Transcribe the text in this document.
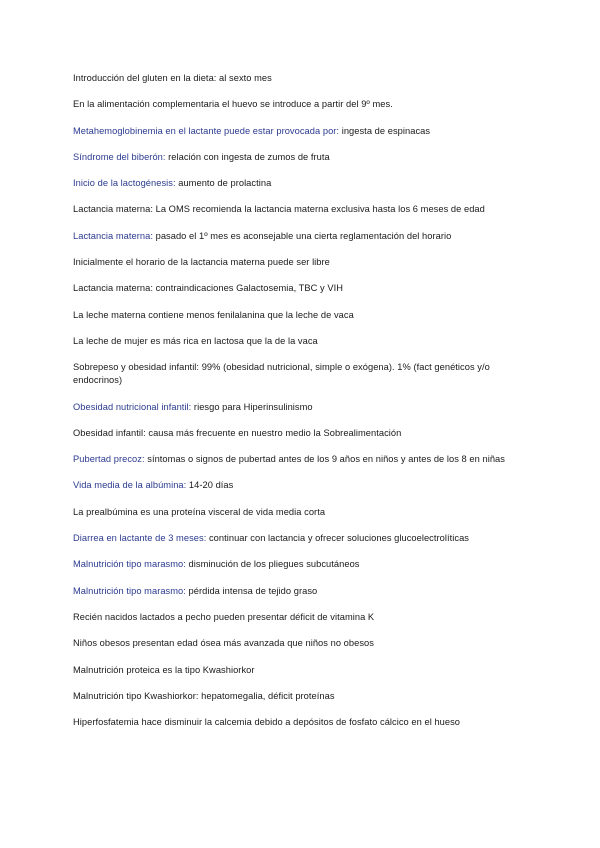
Introducción del gluten en la dieta: al sexto mes
En la alimentación complementaria el huevo se introduce a partir del 9º mes.
Metahemoglobinemia en el lactante puede estar provocada por: ingesta de espinacas
Síndrome del biberón: relación con ingesta de zumos de fruta
Inicio de la lactogénesis: aumento de prolactina
Lactancia materna: La OMS recomienda la lactancia materna exclusiva hasta los 6 meses de edad
Lactancia materna: pasado el 1º mes es aconsejable una cierta reglamentación del horario
Inicialmente el horario de la lactancia materna puede ser libre
Lactancia materna: contraindicaciones Galactosemia, TBC y VIH
La leche materna contiene menos fenilalanina que la leche de vaca
La leche de mujer es más rica en lactosa que la de la vaca
Sobrepeso y obesidad infantil: 99% (obesidad nutricional, simple o exógena). 1% (fact genéticos y/o endocrinos)
Obesidad nutricional infantil: riesgo para Hiperinsulinismo
Obesidad infantil: causa más frecuente en nuestro medio la Sobrealimentación
Pubertad precoz: síntomas o signos de pubertad antes de los 9 años en niños y antes de los 8 en niñas
Vida media de la albúmina: 14-20 días
La prealbúmina es una proteína visceral de vida media corta
Diarrea en lactante de 3 meses: continuar con lactancia y ofrecer soluciones glucoelectrolíticas
Malnutrición tipo marasmo: disminución de los pliegues subcutáneos
Malnutrición tipo marasmo: pérdida intensa de tejido graso
Recién nacidos lactados a pecho pueden presentar déficit de vitamina K
Niños obesos presentan edad ósea más avanzada que niños no obesos
Malnutrición proteica es la tipo Kwashiorkor
Malnutrición tipo Kwashiorkor: hepatomegalia, déficit proteínas
Hiperfosfatemia hace disminuir la calcemia debido a depósitos de fosfato cálcico en el hueso
